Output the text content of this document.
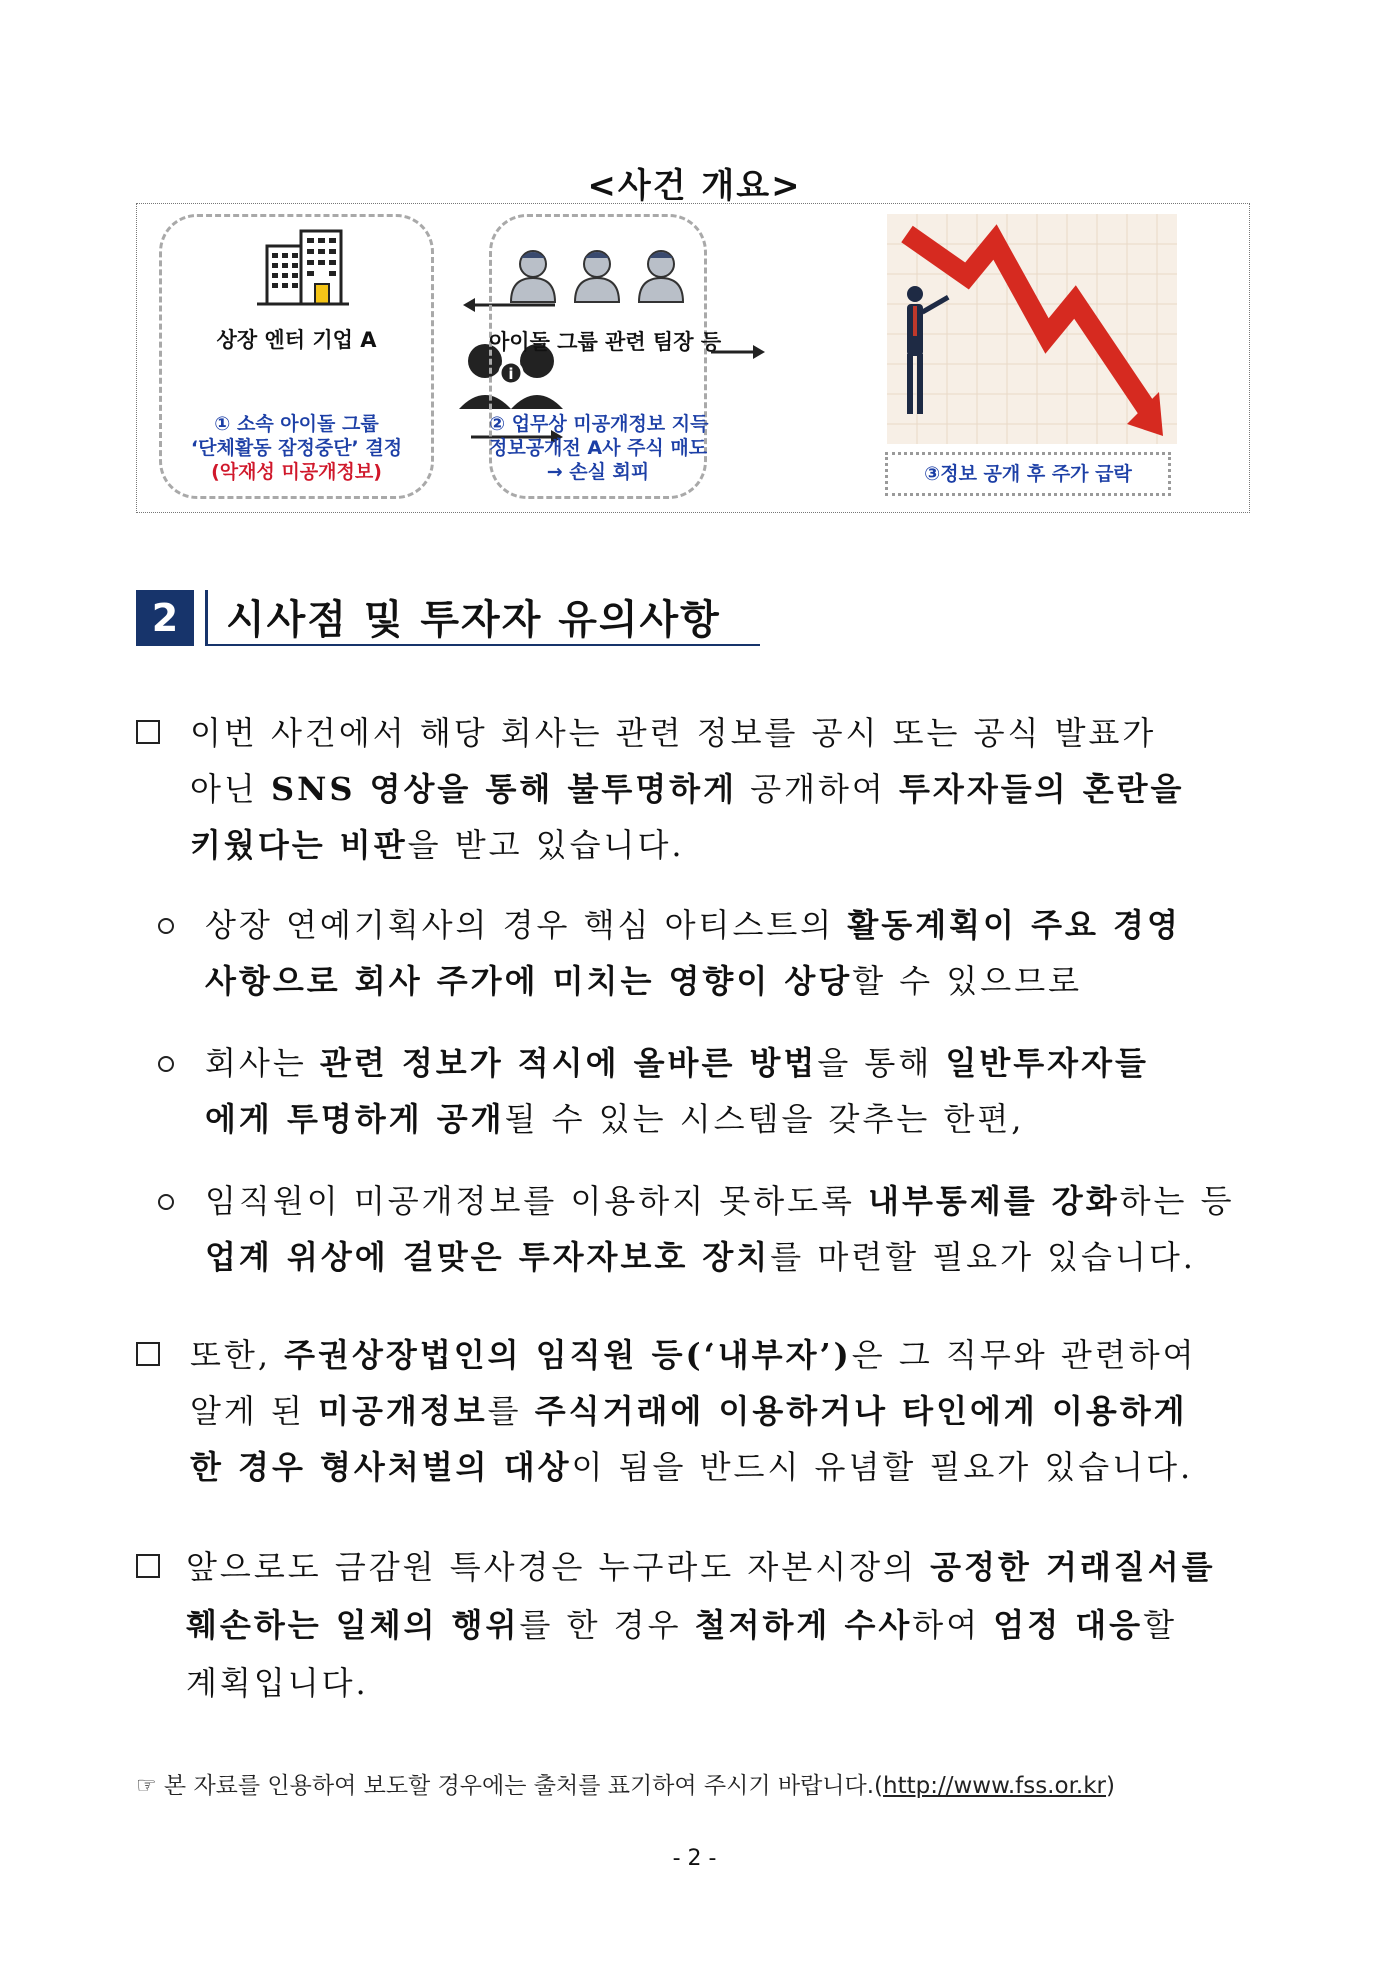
<사건 개요>
상장 엔터 기업 A
① 소속 아이돌 그룹
‘단체활동 잠정중단’ 결정
(악재성 미공개정보)
i
아이돌 그룹 관련 팀장 등
② 업무상 미공개정보 지득
정보공개전 A사 주식 매도
→ 손실 회피	③정보 공개 후 주가 급락
2	시사점 및 투자자 유의사항
이번 사건에서 해당 회사는 관련 정보를 공시 또는 공식 발표가
아닌 SNS 영상을 통해 불투명하게 공개하여 투자자들의 혼란을
키웠다는 비판을 받고 있습니다.
상장 연예기획사의 경우 핵심 아티스트의 활동계획이 주요 경영
사항으로 회사 주가에 미치는 영향이 상당할 수 있으므로
회사는 관련 정보가 적시에 올바른 방법을 통해 일반투자자들
에게 투명하게 공개될 수 있는 시스템을 갖추는 한편,
임직원이 미공개정보를 이용하지 못하도록 내부통제를 강화하는 등
업계 위상에 걸맞은 투자자보호 장치를 마련할 필요가 있습니다.
또한, 주권상장법인의 임직원 등(‘내부자’)은 그 직무와 관련하여
알게 된 미공개정보를 주식거래에 이용하거나 타인에게 이용하게
한 경우 형사처벌의 대상이 됨을 반드시 유념할 필요가 있습니다.
앞으로도 금감원 특사경은 누구라도 자본시장의 공정한 거래질서를
훼손하는 일체의 행위를 한 경우 철저하게 수사하여 엄정 대응할
계획입니다.
☞ 본 자료를 인용하여 보도할 경우에는 출처를 표기하여 주시기 바랍니다.(http://www.fss.or.kr)
- 2 -
